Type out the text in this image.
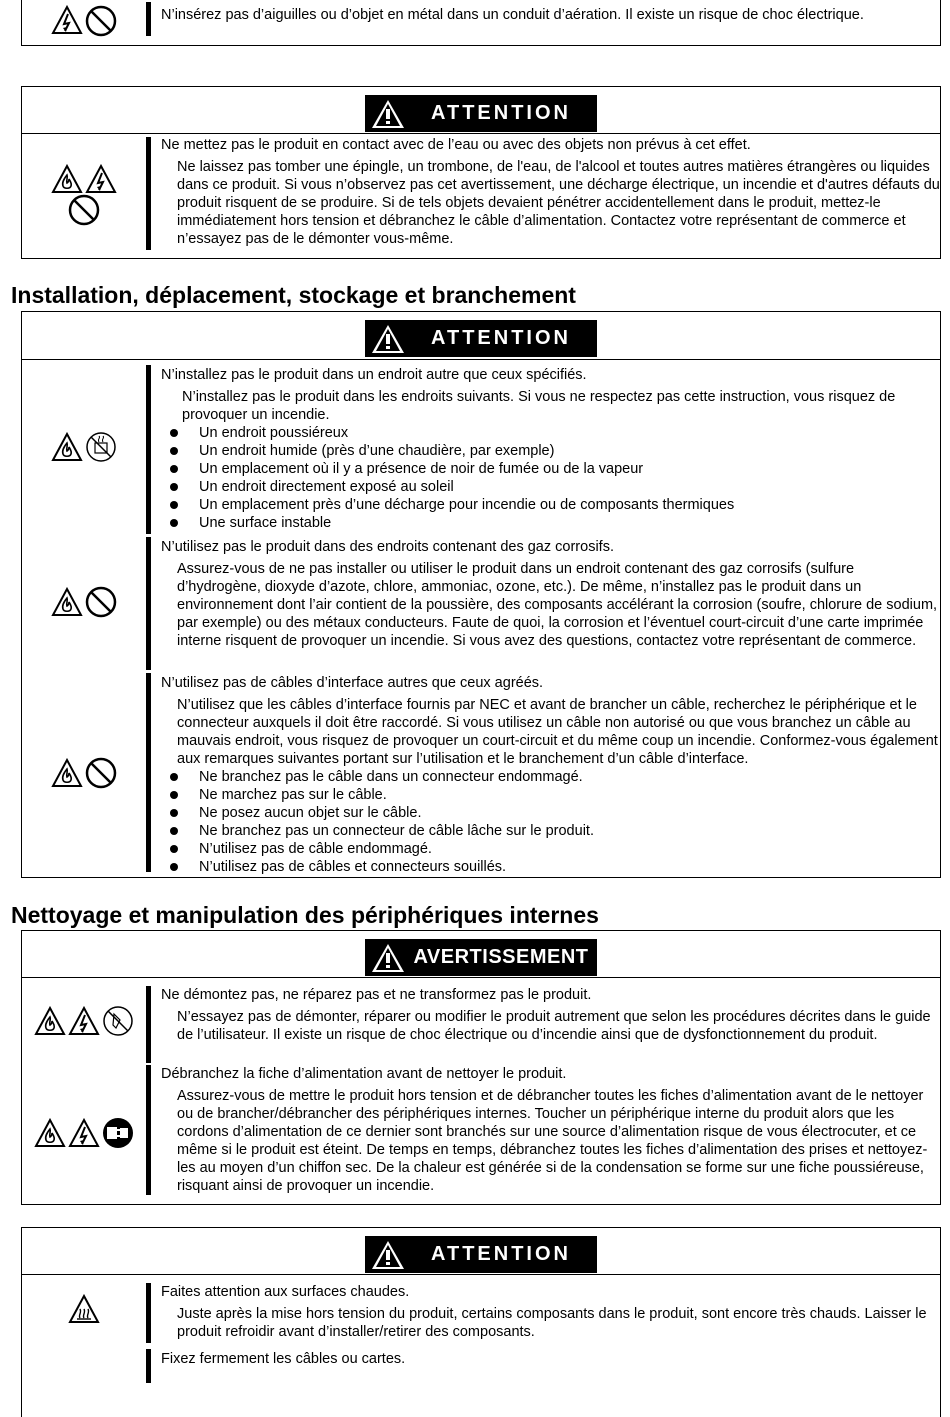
N’insérez pas d’aiguilles ou d’objet en métal dans un conduit d’aération. Il existe un risque de choc électrique.
ATTENTION
Ne mettez pas le produit en contact avec de l’eau ou avec des objets non prévus à cet effet.
Ne laissez pas tomber une épingle, un trombone, de l'eau, de l'alcool et toutes autres matières étrangères ou liquides dans ce produit. Si vous n’observez pas cet avertissement, une décharge électrique, un incendie et d'autres défauts du produit risquent de se produire. Si de tels objets devaient pénétrer accidentellement dans le produit, mettez-le immédiatement hors tension et débranchez le câble d’alimentation. Contactez votre représentant de commerce et n’essayez pas de le démonter vous-même.
Installation, déplacement, stockage et branchement
ATTENTION
N’installez pas le produit dans un endroit autre que ceux spécifiés.
N’installez pas le produit dans les endroits suivants. Si vous ne respectez pas cette instruction, vous risquez de provoquer un incendie.
Un endroit poussiéreux
Un endroit humide (près d’une chaudière, par exemple)
Un emplacement où il y a présence de noir de fumée ou de la vapeur
Un endroit directement exposé au soleil
Un emplacement près d’une décharge pour incendie ou de composants thermiques
Une surface instable
N’utilisez pas le produit dans des endroits contenant des gaz corrosifs.
Assurez-vous de ne pas installer ou utiliser le produit dans un endroit contenant des gaz corrosifs (sulfure d’hydrogène, dioxyde d’azote, chlore, ammoniac, ozone, etc.). De même, n’installez pas le produit dans un environnement dont l’air contient de la poussière, des composants accélérant la corrosion (soufre, chlorure de sodium, par exemple) ou des métaux conducteurs. Faute de quoi, la corrosion et l’éventuel court-circuit d’une carte imprimée interne risquent de provoquer un incendie. Si vous avez des questions, contactez votre représentant de commerce.
N’utilisez pas de câbles d’interface autres que ceux agréés.
N’utilisez que les câbles d’interface fournis par NEC et avant de brancher un câble, recherchez le périphérique et le connecteur auxquels il doit être raccordé. Si vous utilisez un câble non autorisé ou que vous branchez un câble au mauvais endroit, vous risquez de provoquer un court-circuit et du même coup un incendie. Conformez-vous également aux remarques suivantes portant sur l’utilisation et le branchement d’un câble d’interface.
Ne branchez pas le câble dans un connecteur endommagé.
Ne marchez pas sur le câble.
Ne posez aucun objet sur le câble.
Ne branchez pas un connecteur de câble lâche sur le produit.
N’utilisez pas de câble endommagé.
N’utilisez pas de câbles et connecteurs souillés.
Nettoyage et manipulation des périphériques internes
AVERTISSEMENT
Ne démontez pas, ne réparez pas et ne transformez pas le produit.
N’essayez pas de démonter, réparer ou modifier le produit autrement que selon les procédures décrites dans le guide de l’utilisateur. Il existe un risque de choc électrique ou d’incendie ainsi que de dysfonctionnement du produit.
Débranchez la fiche d’alimentation avant de nettoyer le produit.
Assurez-vous de mettre le produit hors tension et de débrancher toutes les fiches d’alimentation avant de le nettoyer ou de brancher/débrancher des périphériques internes. Toucher un périphérique interne du produit alors que les cordons d’alimentation de ce dernier sont branchés sur une source d’alimentation risque de vous électrocuter, et ce même si le produit est éteint. De temps en temps, débranchez toutes les fiches d’alimentation des prises et nettoyez-les au moyen d’un chiffon sec. De la chaleur est générée si de la condensation se forme sur une fiche poussiéreuse, risquant ainsi de provoquer un incendie.
ATTENTION
Faites attention aux surfaces chaudes.
Juste après la mise hors tension du produit, certains composants dans le produit, sont encore très chauds. Laisser le produit refroidir avant d’installer/retirer des composants.
Fixez fermement les câbles ou cartes.
